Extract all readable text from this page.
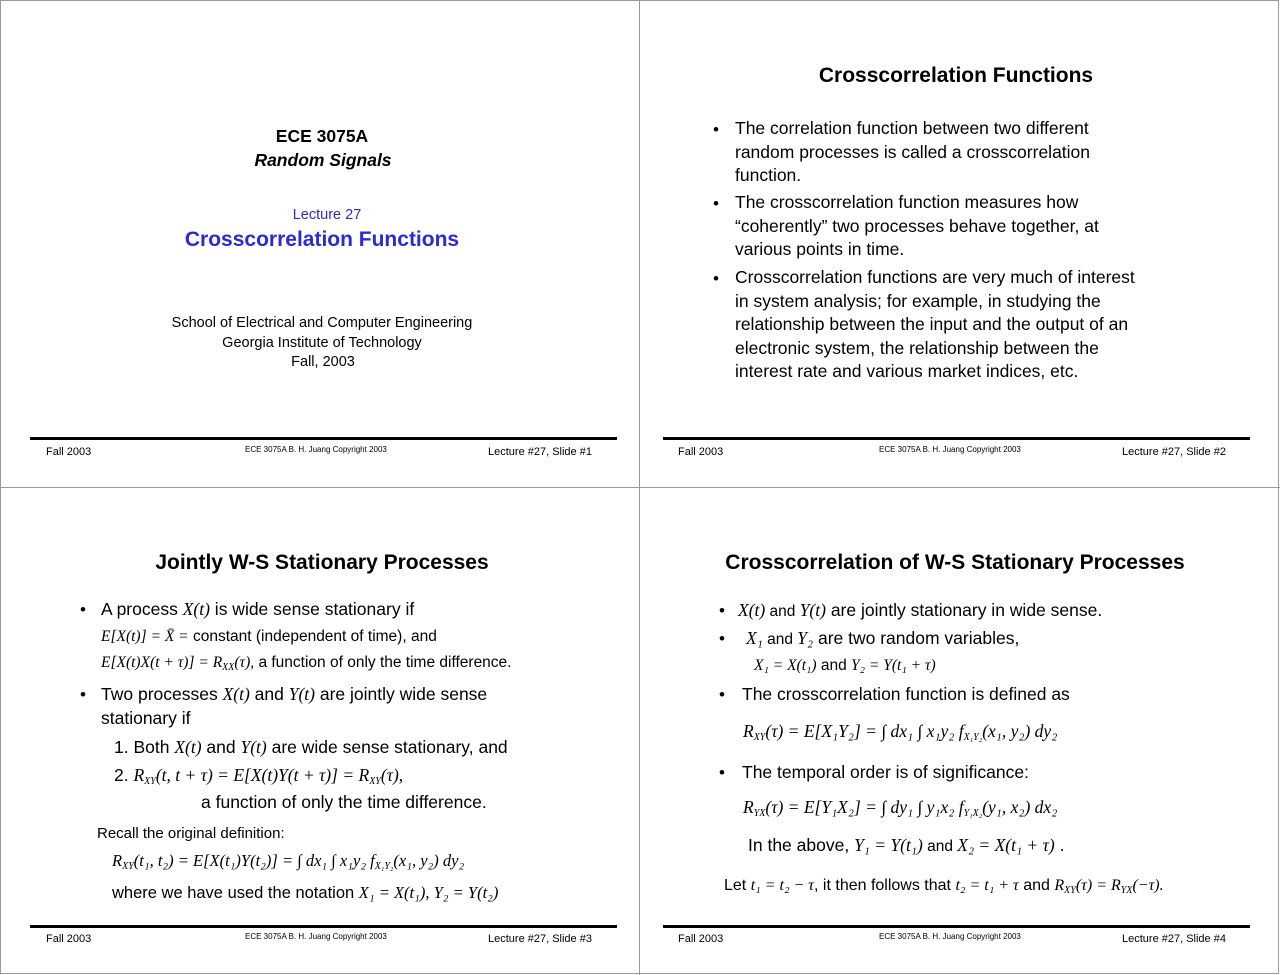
ECE 3075A
Random Signals
Lecture 27
Crosscorrelation Functions
School of Electrical and Computer Engineering
Georgia Institute of Technology
Fall, 2003
Fall 2003	ECE 3075A B. H. Juang Copyright 2003	Lecture #27, Slide #1
Crosscorrelation Functions
• The correlation function between two different
random processes is called a crosscorrelation
function.
• The crosscorrelation function measures how
“coherently” two processes behave together, at
various points in time.
• Crosscorrelation functions are very much of interest
in system analysis; for example, in studying the
relationship between the input and the output of an
electronic system, the relationship between the
interest rate and various market indices, etc.
Fall 2003	ECE 3075A B. H. Juang Copyright 2003	Lecture #27, Slide #2
Jointly W-S Stationary Processes
• A process X(t) is wide sense stationary if
E[X(t)] = X̄ = constant (independent of time), and
$E[X(t)X(t + \tau)] = R_{XX}(\tau)$, a function of only the time difference.
• Two processes X(t) and Y(t) are jointly wide sense
stationary if
1. Both X(t) and Y(t) are wide sense stationary, and
2. $R_{XY}(t$, $t + \tau) = E[X(t)Y(t + \tau)] = R_{XY}(\tau)$,
a function of only the time difference.
Recall the original definition:
$R_{XY}(t_1$, t₂) = E[X(t₁)Y(t₂)] = ∫ dx₁ ∫ x₁y₂ $f_{X_1Y_2}(x_1$, y₂) dy₂
where we have used the notation X₁ = X(t₁), Y₂ = Y(t₂)
Fall 2003	ECE 3075A B. H. Juang Copyright 2003	Lecture #27, Slide #3
Crosscorrelation of W-S Stationary Processes
• X(t) and Y(t) are jointly stationary in wide sense.
• X₁ and Y₂ are two random variables,
X₁ = X(t₁) and Y₂ = Y(t₁ + τ)
• The crosscorrelation function is defined as
$R_{XY}(\tau) = E[X_1Y_2]$ = ∫ dx₁ ∫ x₁y₂ $f_{X_1Y_2}(x_1$, y₂) dy₂
• The temporal order is of significance:
$R_{YX}(\tau) = E[Y_1X_2]$ = ∫ dy₁ ∫ y₁x₂ $f_{Y_1X_2}(y_1$, x₂) dx₂
In the above, Y₁ = Y(t₁) and X₂ = X(t₁ + τ) .
Let t₁ = t₂ − τ, it then follows that t₂ = t₁ + τ and $R_{XY}(\tau) = R_{YX}(-\tau)$.
Fall 2003	ECE 3075A B. H. Juang Copyright 2003	Lecture #27, Slide #4
